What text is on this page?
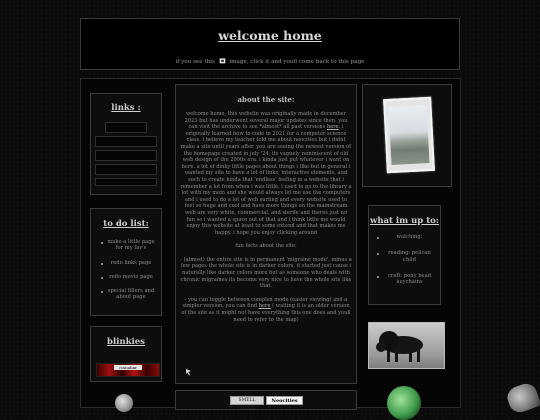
welcome home
if you see this	image, click it and youll come back to this page
links :
to do list:
make a little page for my fav's
redo links page
redo movie page
special fillers and about page
blinkies
cinnabar
about the site:

welcome home, this website was originally made in december 2023 but has underwent several major updates since then. you can visit the archive to see *almost* all past versions here. i originally learned how to code in 2021 for a computer science class. i believe my teacher told me about neocities but i didnt make a site until years after. you are seeing the newest version of the homepage created in july '24, its vaguely reminiscent of old web design of the 2000s era. i kinda just put whatever i want on here. a lot of dinky little pages about things i like but in general i wanted my site to have a lot of links, interactive elements, and such to create kinda that 'endless' feeling in a website that i remember a lot from when i was little. i used to go to the library a lot with my mom and she would always let me use the computers and i used to do a lot of web surfing and every website used to feel so huge and cool and have more things on the mainstream web are very white, commercial, and sterile and theres just no fun so i wanted a space out of that and i think little me would enjoy this website at least to some extend and that makes me happy. i hope you enjoy clicking around

fun facts about the site:

- (almost) the entire site is in permanent 'migraine mode'. minus a few pages the whole site is in darker colors. it started just cause i naturally like darker colors more but as someone who deals with chronic migraines its become very nice to have the whole site like that.

- you can toggle between complex mode (easier viewing) and a simpler version. you can find here ( waiting it is an older version of the site as it might not have everything this one does and youll need to refer to the map)

what im up to:
watching:
reading: pelican child
craft: pony bead keychains
SMELL THEM
Neocities
